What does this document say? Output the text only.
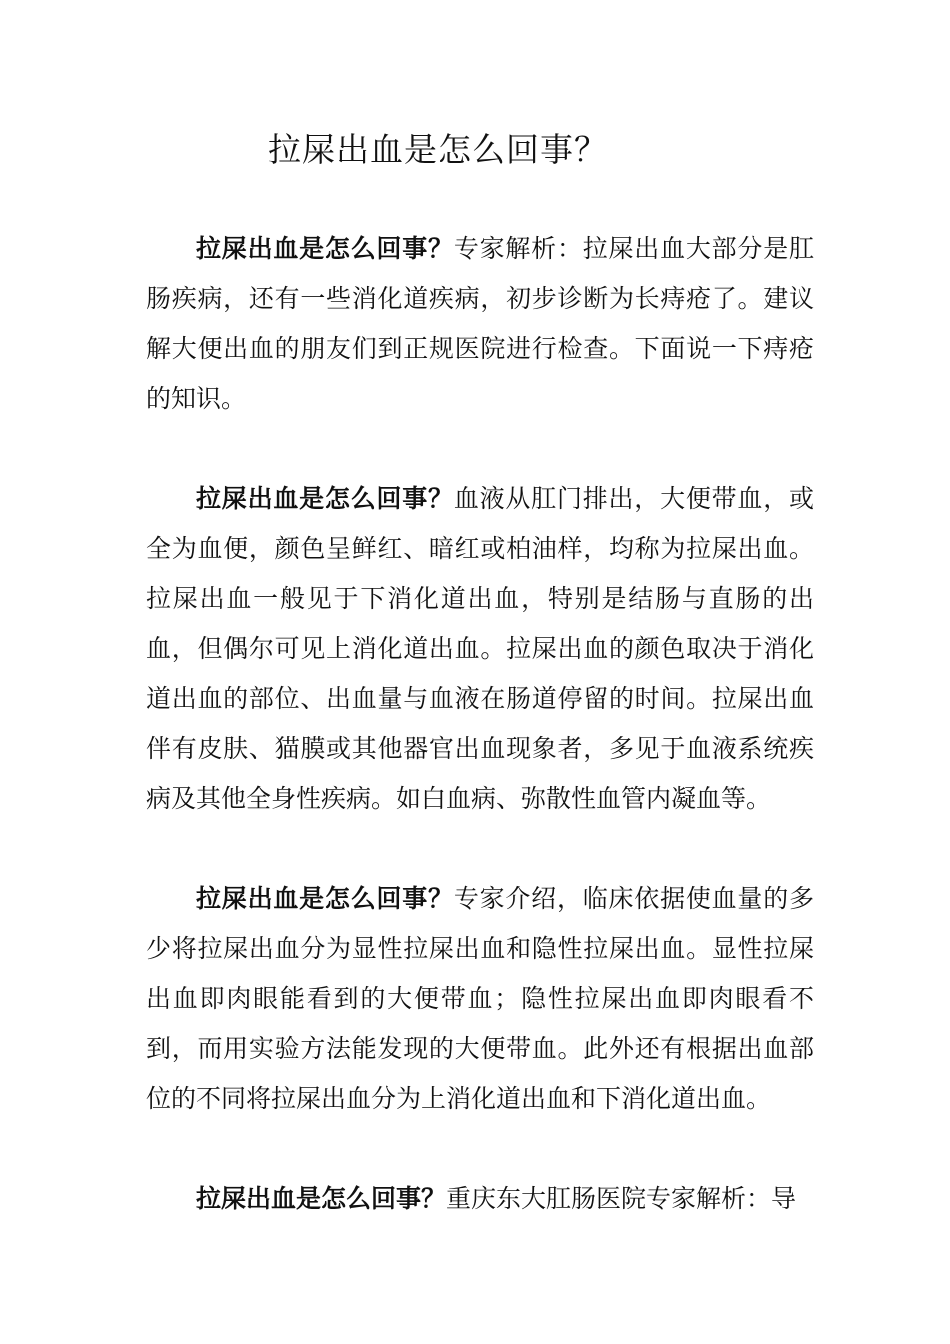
拉屎出血是怎么回事？

拉屎出血是怎么回事？专家解析：拉屎出血大部分是肛肠疾病，还有一些消化道疾病，初步诊断为长痔疮了。建议解大便出血的朋友们到正规医院进行检查。下面说一下痔疮的知识。

拉屎出血是怎么回事？血液从肛门排出，大便带血，或全为血便，颜色呈鲜红、暗红或柏油样，均称为拉屎出血。拉屎出血一般见于下消化道出血，特别是结肠与直肠的出血，但偶尔可见上消化道出血。拉屎出血的颜色取决于消化道出血的部位、出血量与血液在肠道停留的时间。拉屎出血伴有皮肤、猫膜或其他器官出血现象者，多见于血液系统疾病及其他全身性疾病。如白血病、弥散性血管内凝血等。

拉屎出血是怎么回事？专家介绍，临床依据使血量的多少将拉屎出血分为显性拉屎出血和隐性拉屎出血。显性拉屎出血即肉眼能看到的大便带血；隐性拉屎出血即肉眼看不到，而用实验方法能发现的大便带血。此外还有根据出血部位的不同将拉屎出血分为上消化道出血和下消化道出血。

拉屎出血是怎么回事？重庆东大肛肠医院专家解析：导
